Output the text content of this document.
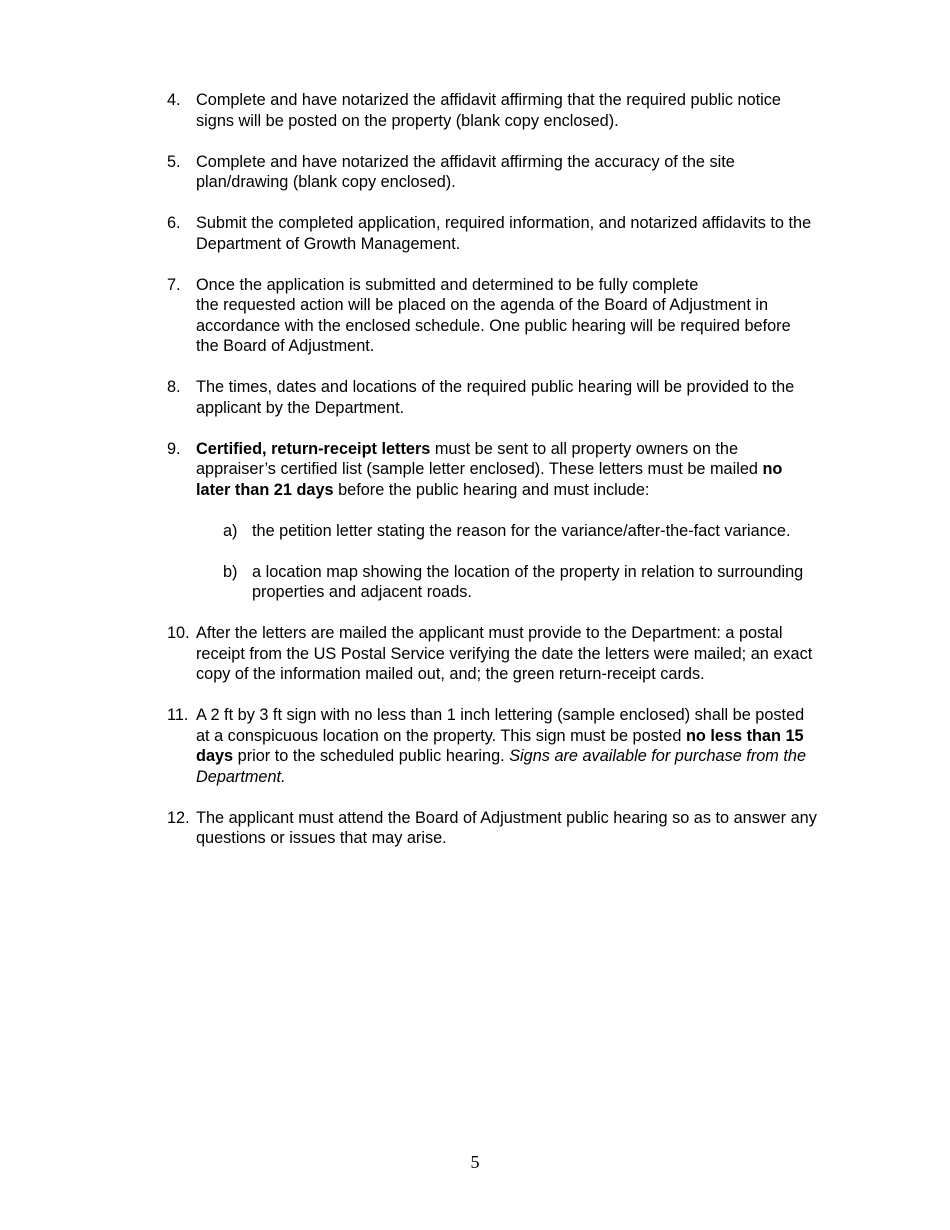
4. Complete and have notarized the affidavit affirming that the required public notice signs will be posted on the property (blank copy enclosed).
5. Complete and have notarized the affidavit affirming the accuracy of the site plan/drawing (blank copy enclosed).
6. Submit the completed application, required information, and notarized affidavits to the Department of Growth Management.
7. Once the application is submitted and determined to be fully complete
the requested action will be placed on the agenda of the Board of Adjustment in accordance with the enclosed schedule. One public hearing will be required before the Board of Adjustment.
8. The times, dates and locations of the required public hearing will be provided to the applicant by the Department.
9. Certified, return-receipt letters must be sent to all property owners on the appraiser’s certified list (sample letter enclosed). These letters must be mailed no later than 21 days before the public hearing and must include:
a) the petition letter stating the reason for the variance/after-the-fact variance.
b) a location map showing the location of the property in relation to surrounding properties and adjacent roads.
10. After the letters are mailed the applicant must provide to the Department: a postal receipt from the US Postal Service verifying the date the letters were mailed; an exact copy of the information mailed out, and; the green return-receipt cards.
11. A 2 ft by 3 ft sign with no less than 1 inch lettering (sample enclosed) shall be posted at a conspicuous location on the property. This sign must be posted no less than 15 days prior to the scheduled public hearing. Signs are available for purchase from the Department.
12. The applicant must attend the Board of Adjustment public hearing so as to answer any questions or issues that may arise.
5
